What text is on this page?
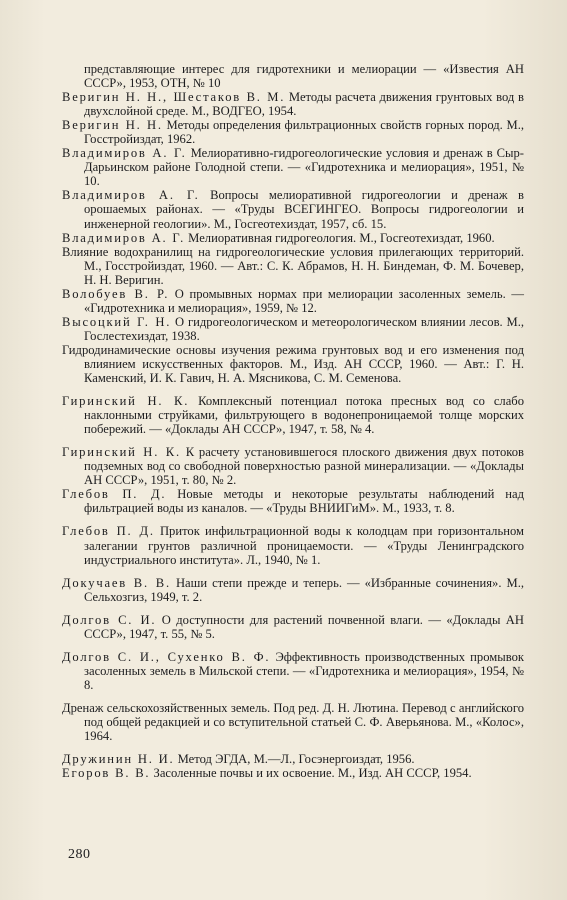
представляющие интерес для гидротехники и мелиорации — «Известия АН СССР», 1953, ОТН, № 10

Веригин Н. Н., Шестаков В. М. Методы расчета движения грунтовых вод в двухслойной среде. М., ВОДГЕО, 1954.

Веригин Н. Н. Методы определения фильтрационных свойств горных пород. М., Госстройиздат, 1962.

Владимиров А. Г. Мелиоративно-гидрогеологические условия и дренаж в Сыр-Дарьинском районе Голодной степи. — «Гидротехника и мелиорация», 1951, № 10.

Владимиров А. Г. Вопросы мелиоративной гидрогеологии и дренаж в орошаемых районах. — «Труды ВСЕГИНГЕО. Вопросы гидрогеологии и инженерной геологии». М., Госгеотехиздат, 1957, сб. 15.

Владимиров А. Г. Мелиоративная гидрогеология. М., Госгеотехиздат, 1960.

Влияние водохранилищ на гидрогеологические условия прилегающих территорий. М., Госстройиздат, 1960. — Авт.: С. К. Абрамов, Н. Н. Биндеман, Ф. М. Бочевер, Н. Н. Веригин.

Волобуев В. Р. О промывных нормах при мелиорации засоленных земель. — «Гидротехника и мелиорация», 1959, № 12.

Высоцкий Г. Н. О гидрогеологическом и метеорологическом влиянии лесов. М., Гослестехиздат, 1938.

Гидродинамические основы изучения режима грунтовых вод и его изменения под влиянием искусственных факторов. М., Изд. АН СССР, 1960. — Авт.: Г. Н. Каменский, И. К. Гавич, Н. А. Мясникова, С. М. Семенова.

Гиринский Н. К. Комплексный потенциал потока пресных вод со слабо наклонными струйками, фильтрующего в водонепроницаемой толще морских побережий. — «Доклады АН СССР», 1947, т. 58, № 4.

Гиринский Н. К. К расчету установившегося плоского движения двух потоков подземных вод со свободной поверхностью разной минерализации. — «Доклады АН СССР», 1951, т. 80, № 2.

Глебов П. Д. Новые методы и некоторые результаты наблюдений над фильтрацией воды из каналов. — «Труды ВНИИГиМ». М., 1933, т. 8.

Глебов П. Д. Приток инфильтрационной воды к колодцам при горизонтальном залегании грунтов различной проницаемости. — «Труды Ленинградского индустриального института». Л., 1940, № 1.

Докучаев В. В. Наши степи прежде и теперь. — «Избранные сочинения». М., Сельхозгиз, 1949, т. 2.

Долгов С. И. О доступности для растений почвенной влаги. — «Доклады АН СССР», 1947, т. 55, № 5.

Долгов С. И., Сухенко В. Ф. Эффективность производственных промывок засоленных земель в Мильской степи. — «Гидротехника и мелиорация», 1954, № 8.

Дренаж сельскохозяйственных земель. Под ред. Д. Н. Лютина. Перевод с английского под общей редакцией и со вступительной статьей С. Ф. Аверьянова. М., «Колос», 1964.

Дружинин Н. И. Метод ЭГДА, М.—Л., Госэнергоиздат, 1956.

Егоров В. В. Засоленные почвы и их освоение. М., Изд. АН СССР, 1954.

280
